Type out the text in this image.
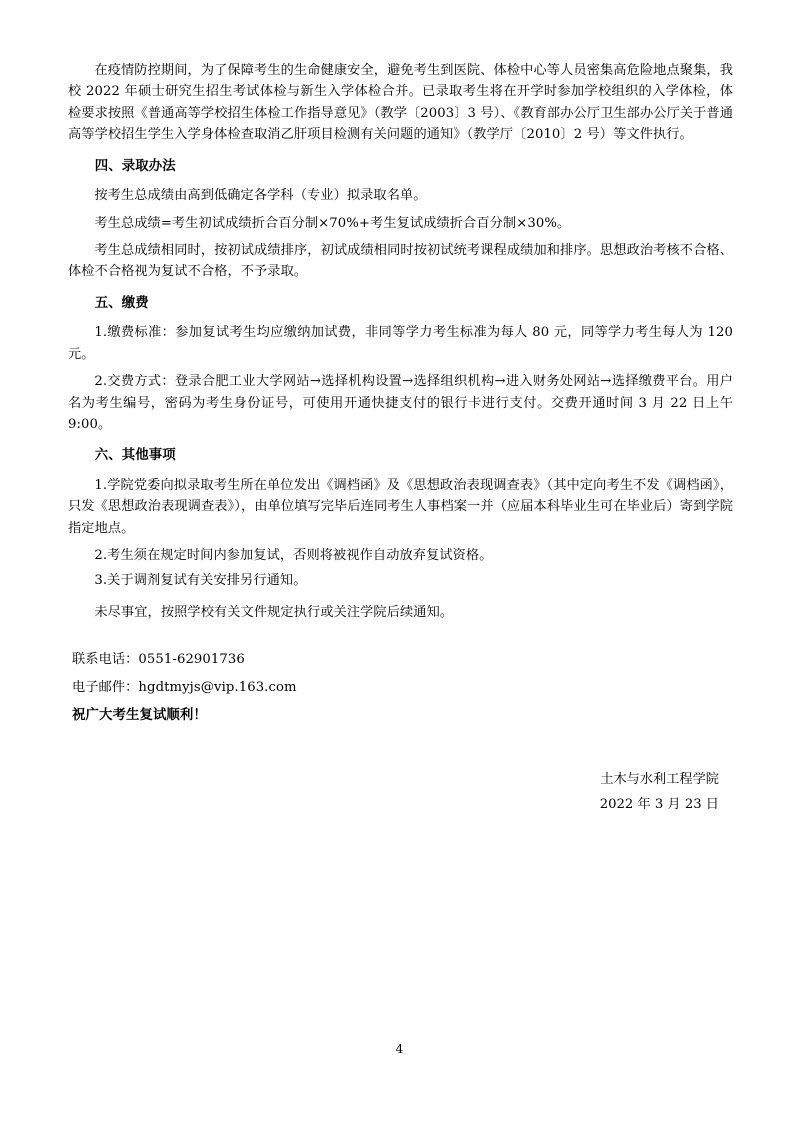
在疫情防控期间，为了保障考生的生命健康安全，避免考生到医院、体检中心等人员密集高危险地点聚集，我校 2022 年硕士研究生招生考试体检与新生入学体检合并。已录取考生将在开学时参加学校组织的入学体检，体检要求按照《普通高等学校招生体检工作指导意见》（教学〔2003〕3 号）、《教育部办公厅卫生部办公厅关于普通高等学校招生学生入学身体检查取消乙肝项目检测有关问题的通知》（教学厅〔2010〕2 号）等文件执行。

四、录取办法

按考生总成绩由高到低确定各学科（专业）拟录取名单。

考生总成绩=考生初试成绩折合百分制×70%+考生复试成绩折合百分制×30%。

考生总成绩相同时，按初试成绩排序，初试成绩相同时按初试统考课程成绩加和排序。思想政治考核不合格、体检不合格视为复试不合格，不予录取。

五、缴费

1.缴费标准：参加复试考生均应缴纳加试费，非同等学力考生标准为每人 80 元，同等学力考生每人为 120 元。

2.交费方式：登录合肥工业大学网站→选择机构设置→选择组织机构→进入财务处网站→选择缴费平台。用户名为考生编号，密码为考生身份证号，可使用开通快捷支付的银行卡进行支付。交费开通时间 3 月 22 日上午 9:00。

六、其他事项

1.学院党委向拟录取考生所在单位发出《调档函》及《思想政治表现调查表》（其中定向考生不发《调档函》，只发《思想政治表现调查表》），由单位填写完毕后连同考生人事档案一并（应届本科毕业生可在毕业后）寄到学院指定地点。

2.考生须在规定时间内参加复试，否则将被视作自动放弃复试资格。

3.关于调剂复试有关安排另行通知。

未尽事宜，按照学校有关文件规定执行或关注学院后续通知。

联系电话：0551-62901736

电子邮件：hgdtmyjs@vip.163.com

祝广大考生复试顺利！

土木与水利工程学院
2022 年 3 月 23 日
4
